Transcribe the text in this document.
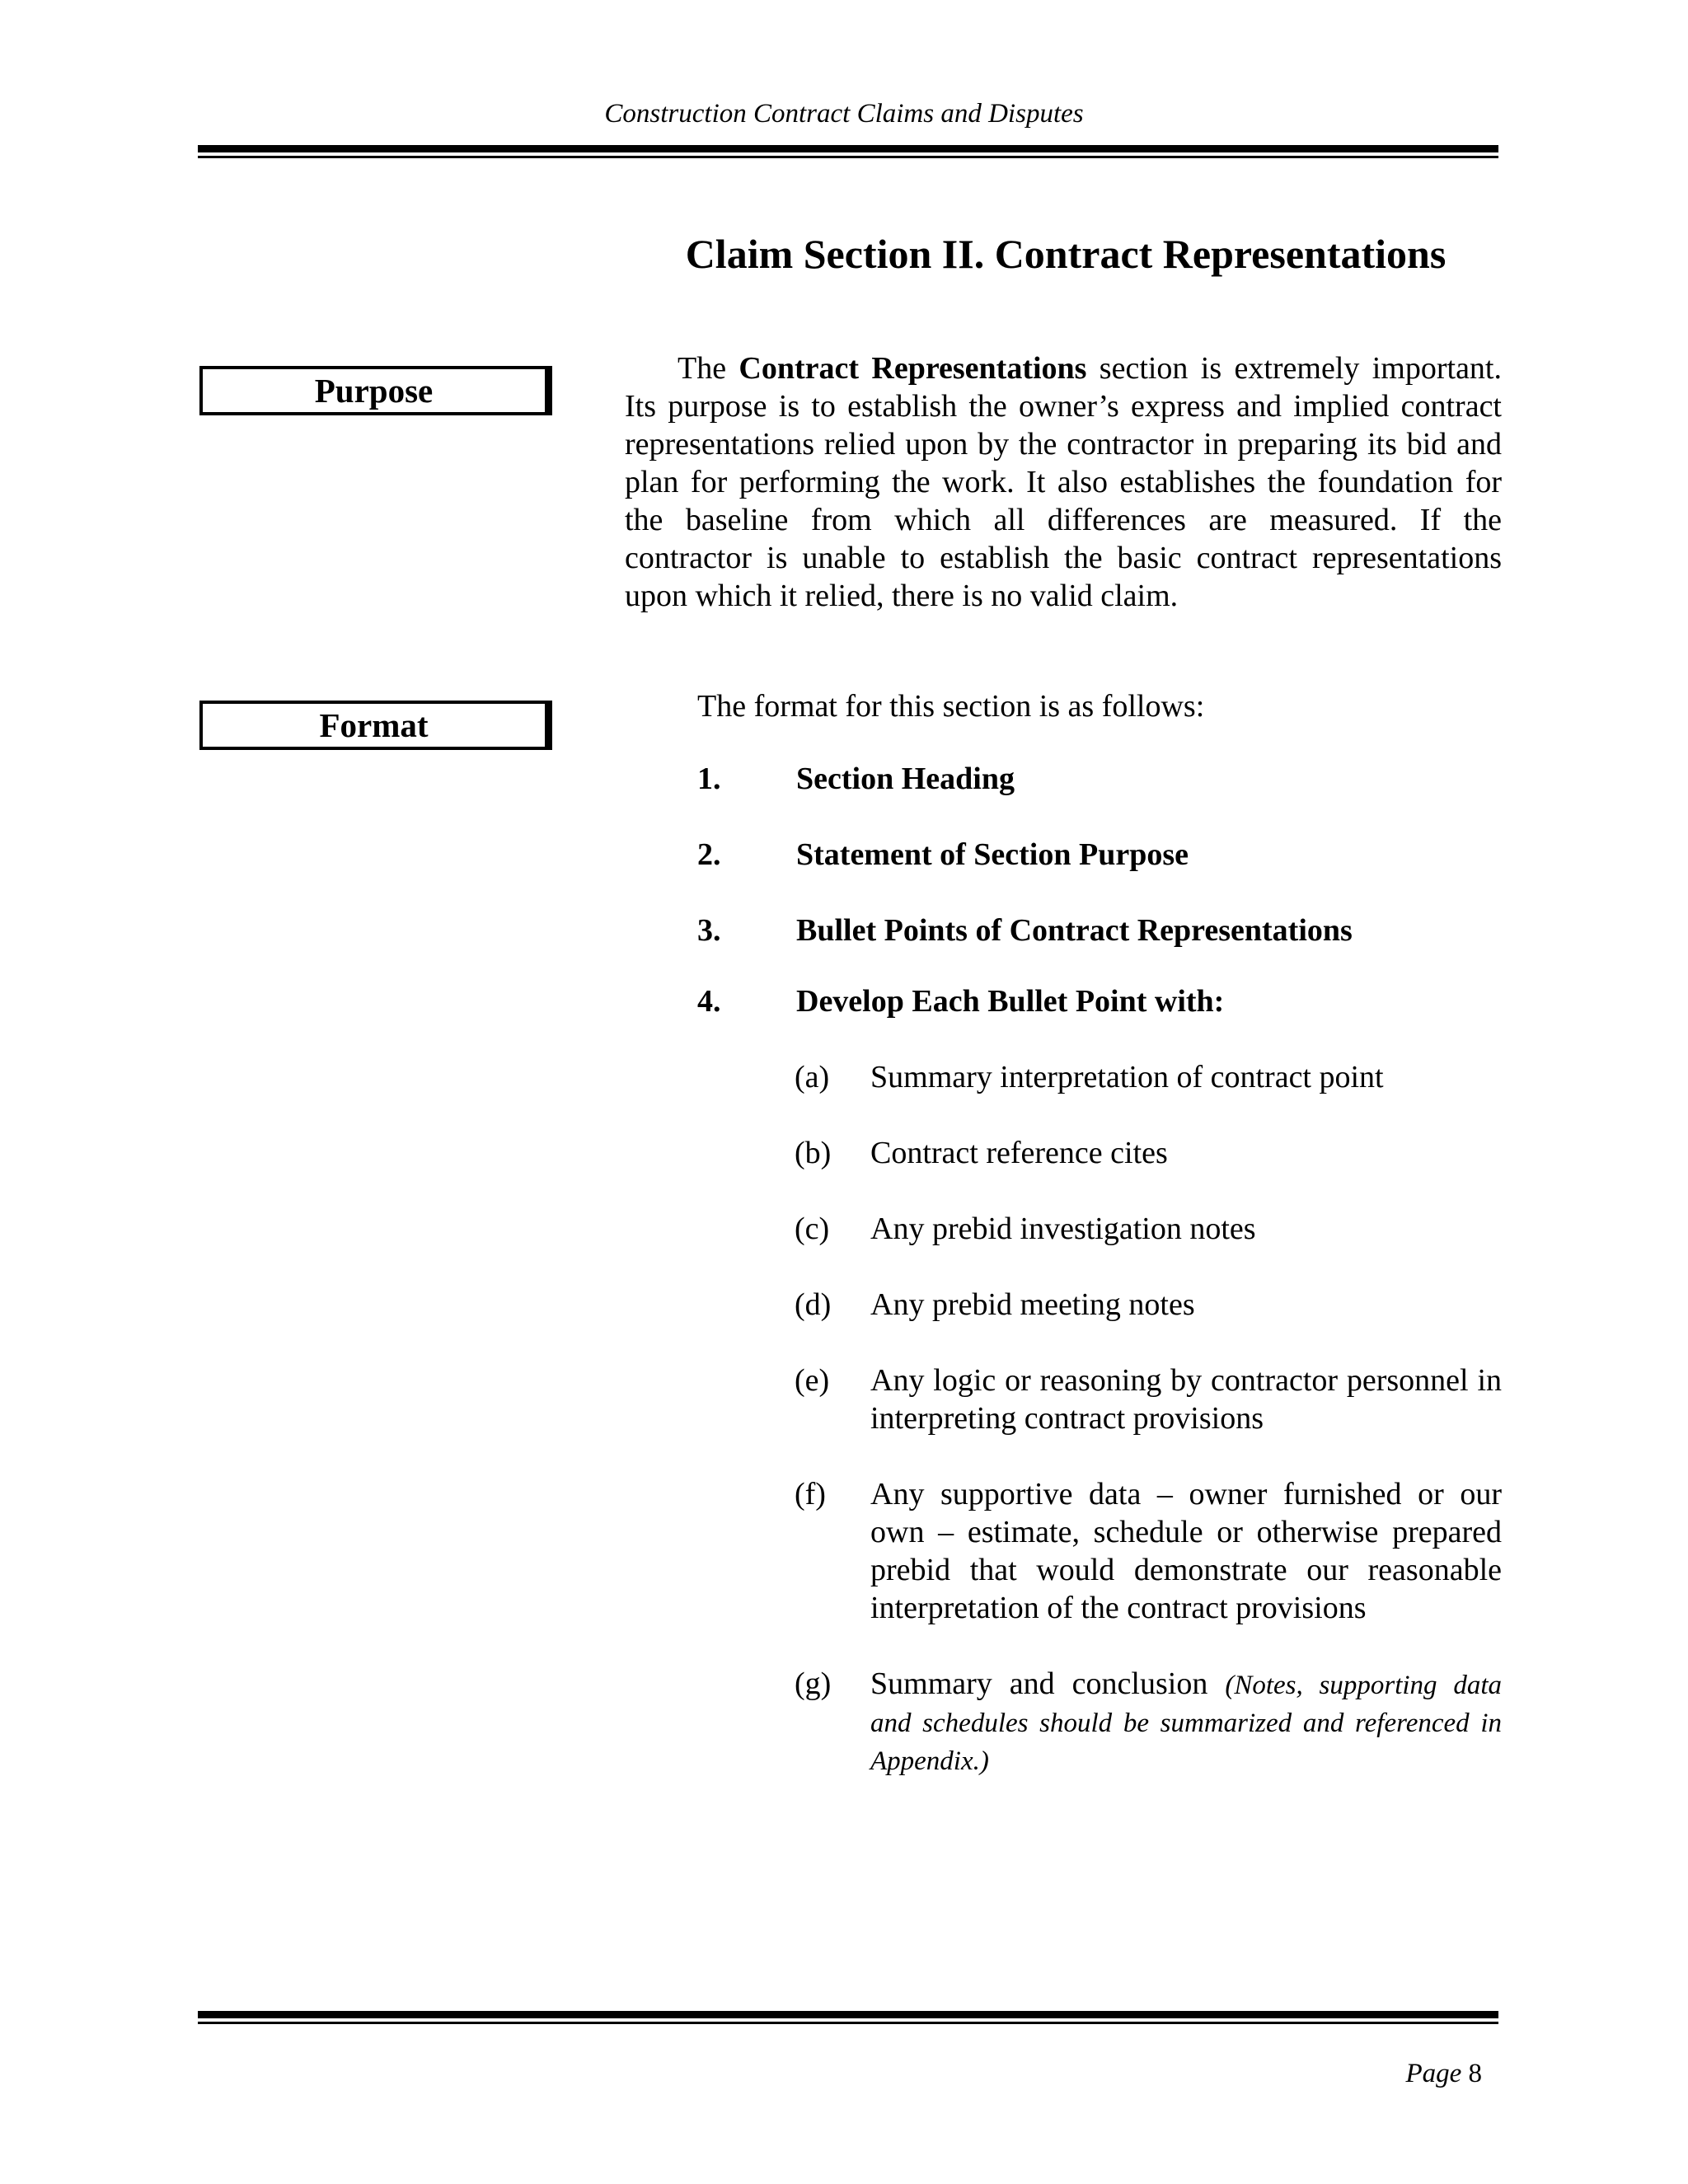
Construction Contract Claims and Disputes
Claim Section II. Contract Representations
Purpose

The Contract Representations section is extremely important. Its purpose is to establish the owner’s express and implied contract representations relied upon by the contractor in preparing its bid and plan for performing the work. It also establishes the foundation for the baseline from which all differences are measured. If the contractor is unable to establish the basic contract representations upon which it relied, there is no valid claim.

Format	The format for this section is as follows:
1. Section Heading
2. Statement of Section Purpose
3. Bullet Points of Contract Representations
4. Develop Each Bullet Point with:
(a) Summary interpretation of contract point
(b) Contract reference cites
(c) Any prebid investigation notes
(d) Any prebid meeting notes
(e) Any logic or reasoning by contractor personnel in interpreting contract provisions
(f) Any supportive data – owner furnished or our own – estimate, schedule or otherwise prepared prebid that would demonstrate our reasonable interpretation of the contract provisions
(g) Summary and conclusion (Notes, supporting data and schedules should be summarized and referenced in Appendix.)
Page 8
